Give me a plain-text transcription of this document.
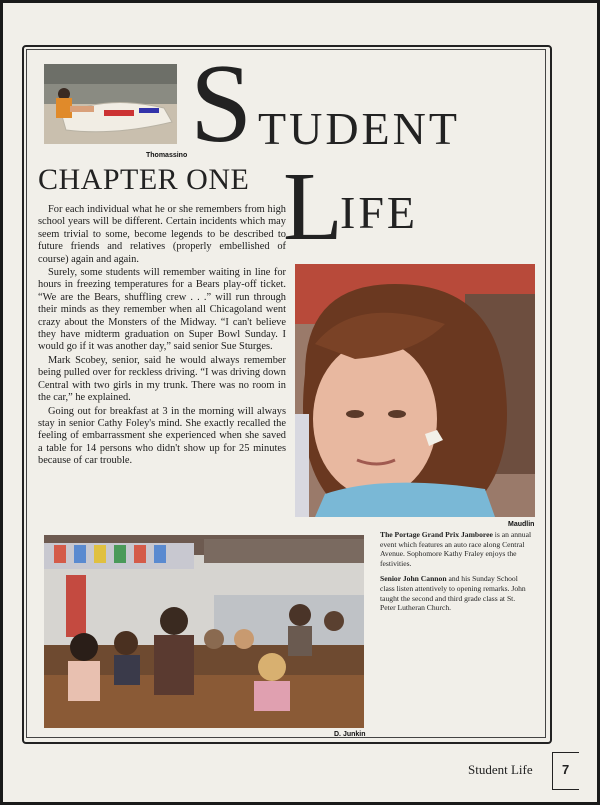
Thomassino S TUDENT
L
IFE
CHAPTER ONE

For each individual what he or she remembers from high school years will be different. Certain incidents which may seem trivial to some, become legends to be described to future friends and relatives (properly embellished of course) again and again.

Surely, some students will remember waiting in line for hours in freezing temperatures for a Bears play-off ticket. “We are the Bears, shuffling crew . . .” will run through their minds as they remember when all Chicagoland went crazy about the Monsters of the Midway. “I can't believe they have midterm graduation on Super Bowl Sunday. I would go if it was another day,” said senior Sue Sturges.

Mark Scobey, senior, said he would always remember being pulled over for reckless driving. “I was driving down Central with two girls in my trunk. There was no room in the car,” he explained.

Going out for breakfast at 3 in the morning will always stay in senior Cathy Foley's mind. She exactly recalled the feeling of embarrassment she experienced when she saved a table for 14 persons who didn't show up for 25 minutes because of car trouble.

Maudlin
D. Junkin

The Portage Grand Prix Jamboree is an annual event which features an auto race along Central Avenue. Sophomore Kathy Fraley enjoys the festivities.

Senior John Cannon and his Sunday School class listen attentively to opening remarks. John taught the second and third grade class at St. Peter Lutheran Church.

Student Life 7
